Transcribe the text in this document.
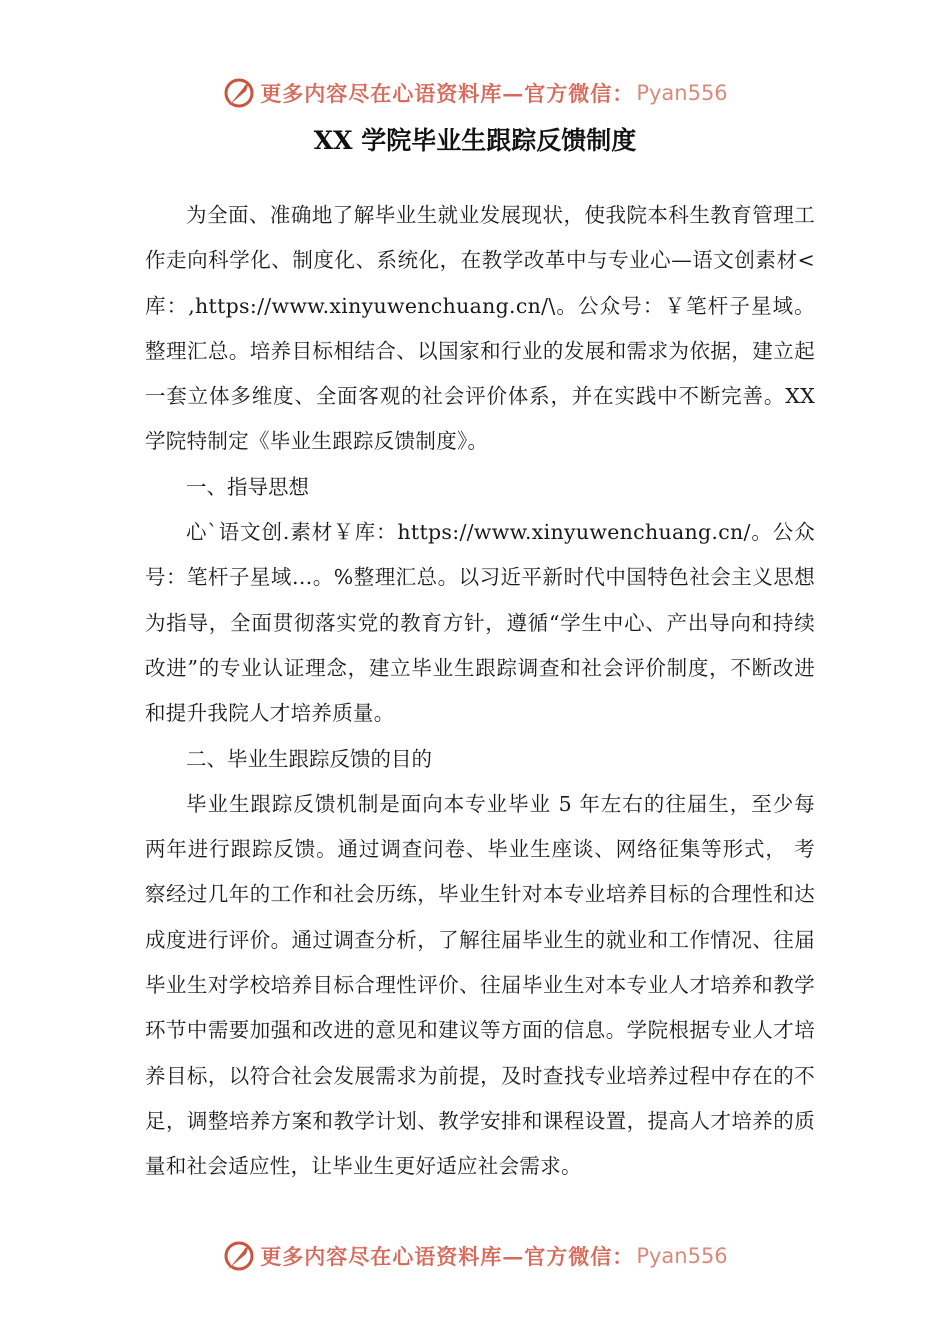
更多内容尽在心语资料库—官方微信： Pyan556
XX 学院毕业生跟踪反馈制度

为全面、准确地了解毕业生就业发展现状，使我院本科生教育管理工作走向科学化、制度化、系统化，在教学改革中与专业心—语文创素材<库：,https://www.xinyuwenchuang.cn/\。公众号：￥笔杆子星域。整理汇总。培养目标相结合、以国家和行业的发展和需求为依据，建立起一套立体多维度、全面客观的社会评价体系，并在实践中不断完善。XX 学院特制定《毕业生跟踪反馈制度》。

一、指导思想

心`语文创.素材￥库：https://www.xinyuwenchuang.cn/。公众号：笔杆子星域…。%整理汇总。以习近平新时代中国特色社会主义思想为指导，全面贯彻落实党的教育方针，遵循“学生中心、产出导向和持续改进”的专业认证理念，建立毕业生跟踪调查和社会评价制度，不断改进和提升我院人才培养质量。

二、毕业生跟踪反馈的目的

毕业生跟踪反馈机制是面向本专业毕业 5 年左右的往届生，至少每两年进行跟踪反馈。通过调查问卷、毕业生座谈、网络征集等形式， 考察经过几年的工作和社会历练，毕业生针对本专业培养目标的合理性和达成度进行评价。通过调查分析，了解往届毕业生的就业和工作情况、往届毕业生对学校培养目标合理性评价、往届毕业生对本专业人才培养和教学环节中需要加强和改进的意见和建议等方面的信息。学院根据专业人才培养目标，以符合社会发展需求为前提，及时查找专业培养过程中存在的不足，调整培养方案和教学计划、教学安排和课程设置，提高人才培养的质量和社会适应性，让毕业生更好适应社会需求。

更多内容尽在心语资料库—官方微信： Pyan556
